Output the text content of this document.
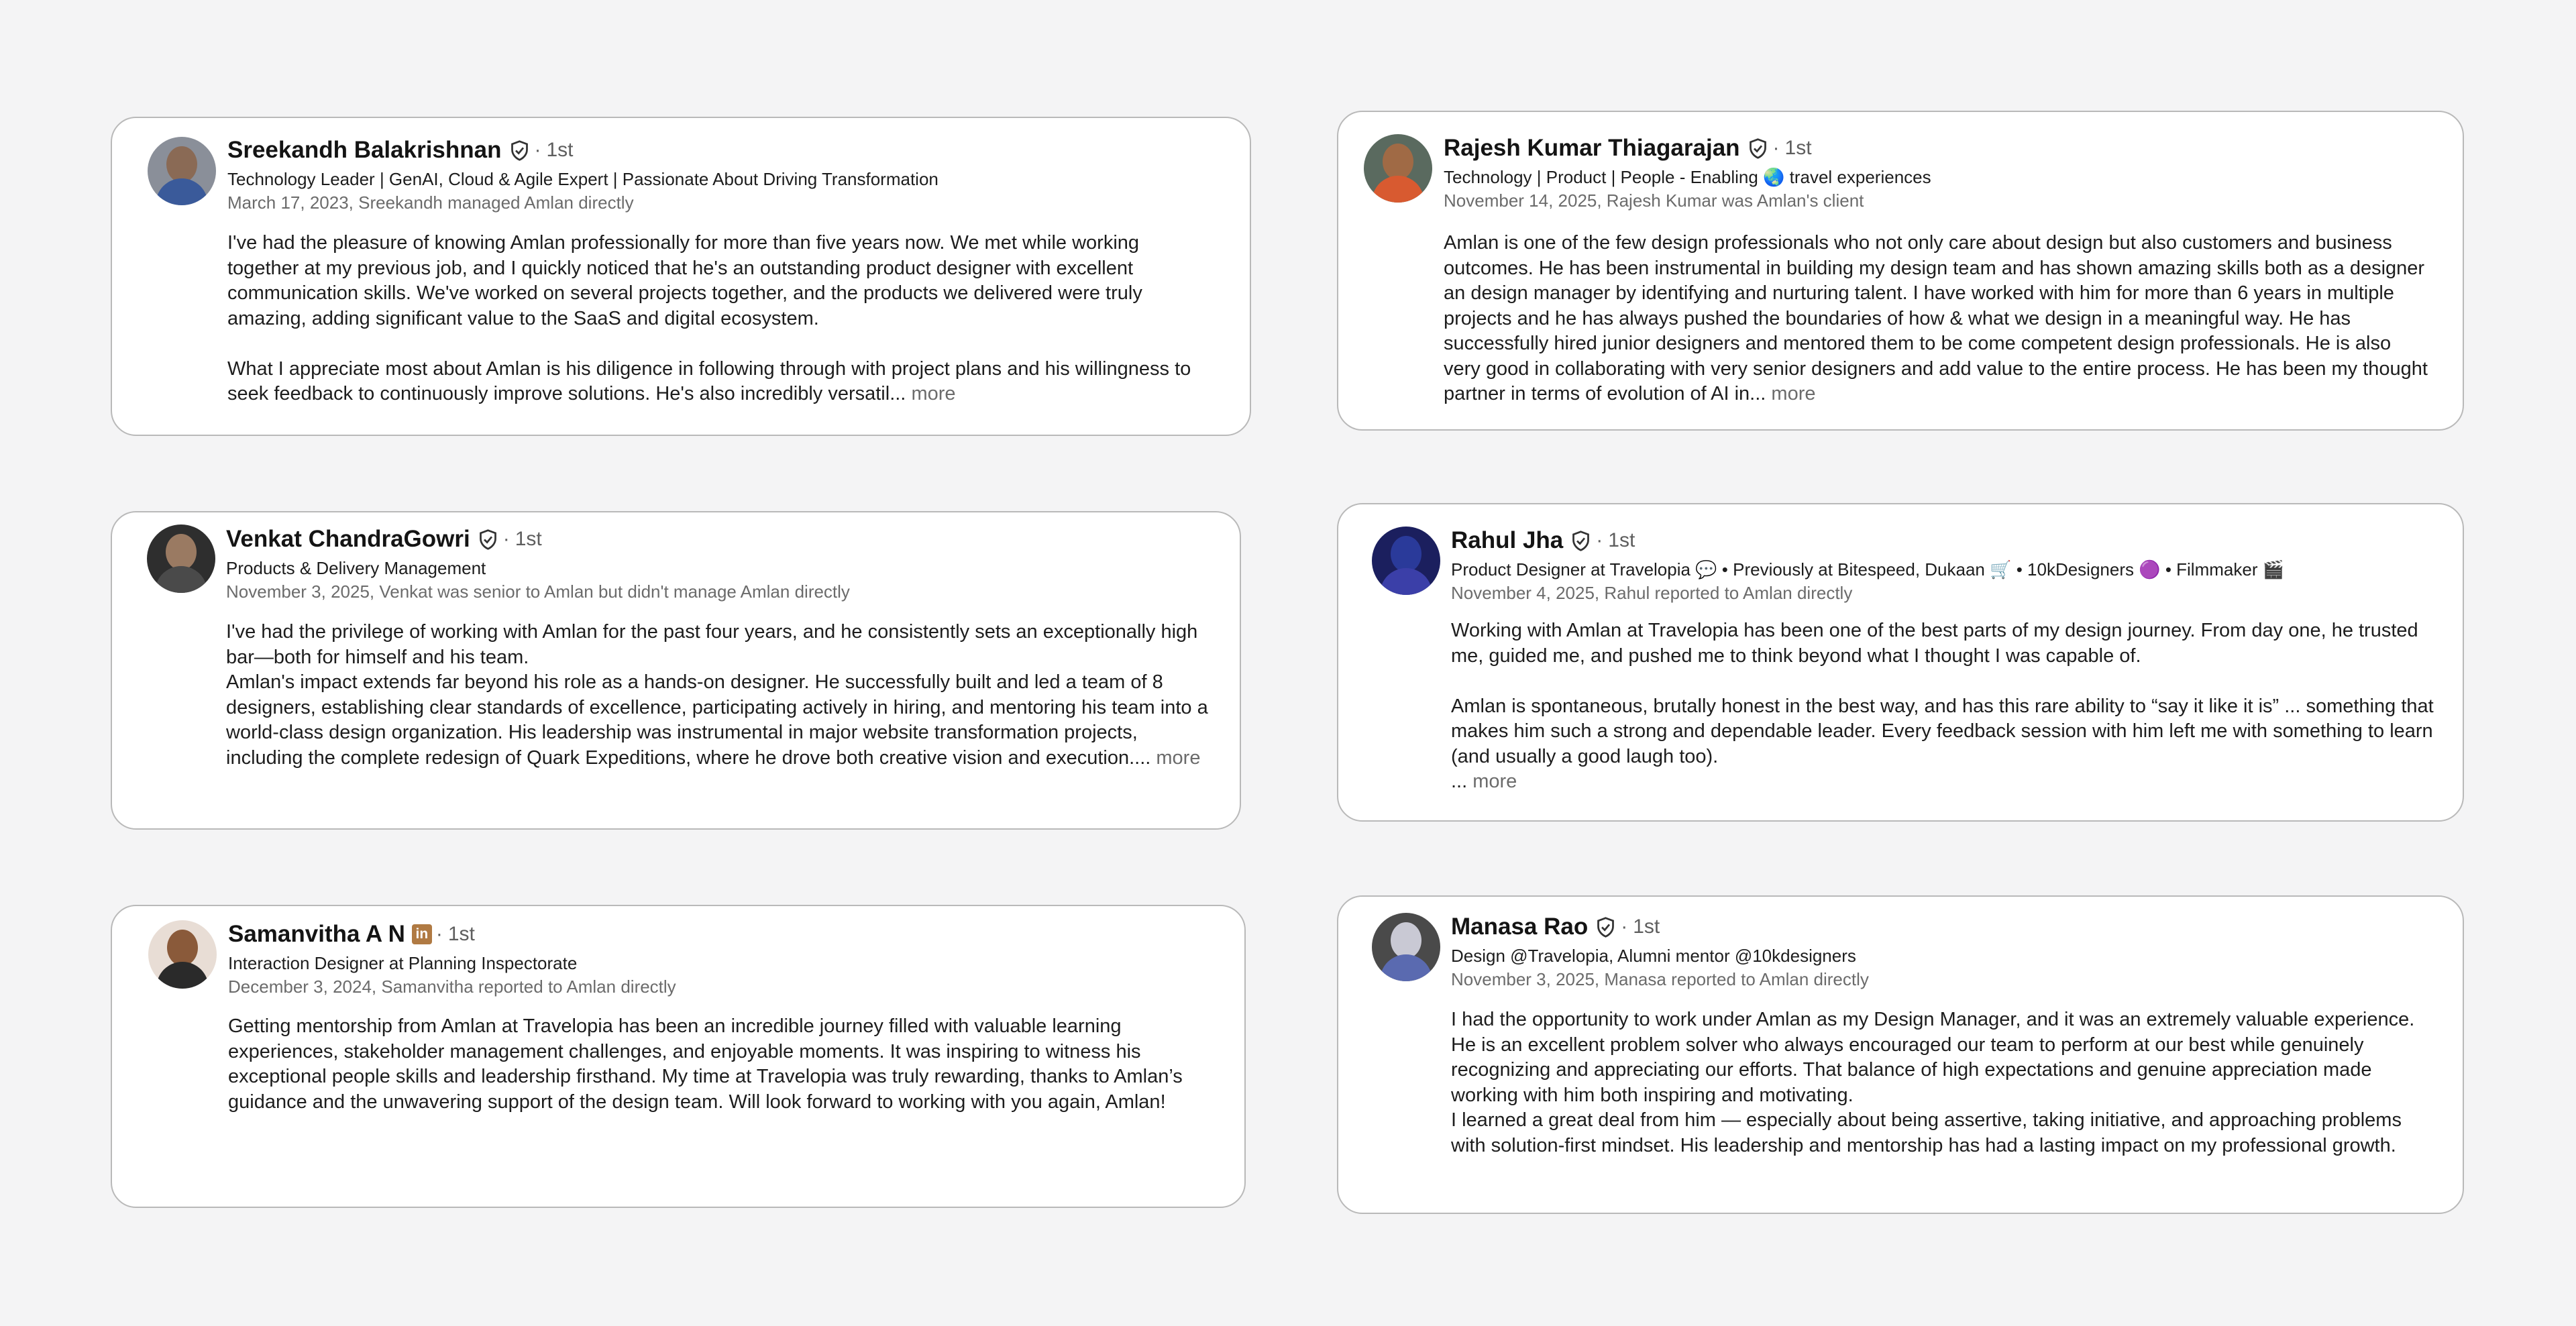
Sreekandh Balakrishnan · 1st
Technology Leader | GenAI, Cloud & Agile Expert | Passionate About Driving Transformation
March 17, 2023, Sreekandh managed Amlan directly

I've had the pleasure of knowing Amlan professionally for more than five years now. We met while working together at my previous job, and I quickly noticed that he's an outstanding product designer with excellent communication skills. We've worked on several projects together, and the products we delivered were truly amazing, adding significant value to the SaaS and digital ecosystem.

What I appreciate most about Amlan is his diligence in following through with project plans and his willingness to seek feedback to continuously improve solutions. He's also incredibly versatil... more

Rajesh Kumar Thiagarajan · 1st
Technology | Product | People - Enabling 🌏 travel experiences
November 14, 2025, Rajesh Kumar was Amlan's client

Amlan is one of the few design professionals who not only care about design but also customers and business outcomes. He has been instrumental in building my design team and has shown amazing skills both as a designer an design manager by identifying and nurturing talent. I have worked with him for more than 6 years in multiple projects and he has always pushed the boundaries of how & what we design in a meaningful way. He has successfully hired junior designers and mentored them to be come competent design professionals. He is also very good in collaborating with very senior designers and add value to the entire process. He has been my thought partner in terms of evolution of AI in... more

Venkat ChandraGowri · 1st
Products & Delivery Management
November 3, 2025, Venkat was senior to Amlan but didn't manage Amlan directly

I've had the privilege of working with Amlan for the past four years, and he consistently sets an exceptionally high bar—both for himself and his team.
Amlan's impact extends far beyond his role as a hands-on designer. He successfully built and led a team of 8 designers, establishing clear standards of excellence, participating actively in hiring, and mentoring his team into a world-class design organization. His leadership was instrumental in major website transformation projects, including the complete redesign of Quark Expeditions, where he drove both creative vision and execution.... more

Rahul Jha · 1st
Product Designer at Travelopia 💬 • Previously at Bitespeed, Dukaan 🛒 • 10kDesigners 🟣 • Filmmaker 🎬
November 4, 2025, Rahul reported to Amlan directly

Working with Amlan at Travelopia has been one of the best parts of my design journey. From day one, he trusted me, guided me, and pushed me to think beyond what I thought I was capable of.

Amlan is spontaneous, brutally honest in the best way, and has this rare ability to “say it like it is” ... something that makes him such a strong and dependable leader. Every feedback session with him left me with something to learn (and usually a good laugh too).
... more

Samanvitha A N in · 1st
Interaction Designer at Planning Inspectorate
December 3, 2024, Samanvitha reported to Amlan directly

Getting mentorship from Amlan at Travelopia has been an incredible journey filled with valuable learning experiences, stakeholder management challenges, and enjoyable moments. It was inspiring to witness his exceptional people skills and leadership firsthand. My time at Travelopia was truly rewarding, thanks to Amlan’s guidance and the unwavering support of the design team. Will look forward to working with you again, Amlan!

Manasa Rao · 1st
Design @Travelopia, Alumni mentor @10kdesigners
November 3, 2025, Manasa reported to Amlan directly

I had the opportunity to work under Amlan as my Design Manager, and it was an extremely valuable experience. He is an excellent problem solver who always encouraged our team to perform at our best while genuinely recognizing and appreciating our efforts. That balance of high expectations and genuine appreciation made working with him both inspiring and motivating.
I learned a great deal from him — especially about being assertive, taking initiative, and approaching problems with solution-first mindset. His leadership and mentorship has had a lasting impact on my professional growth.
